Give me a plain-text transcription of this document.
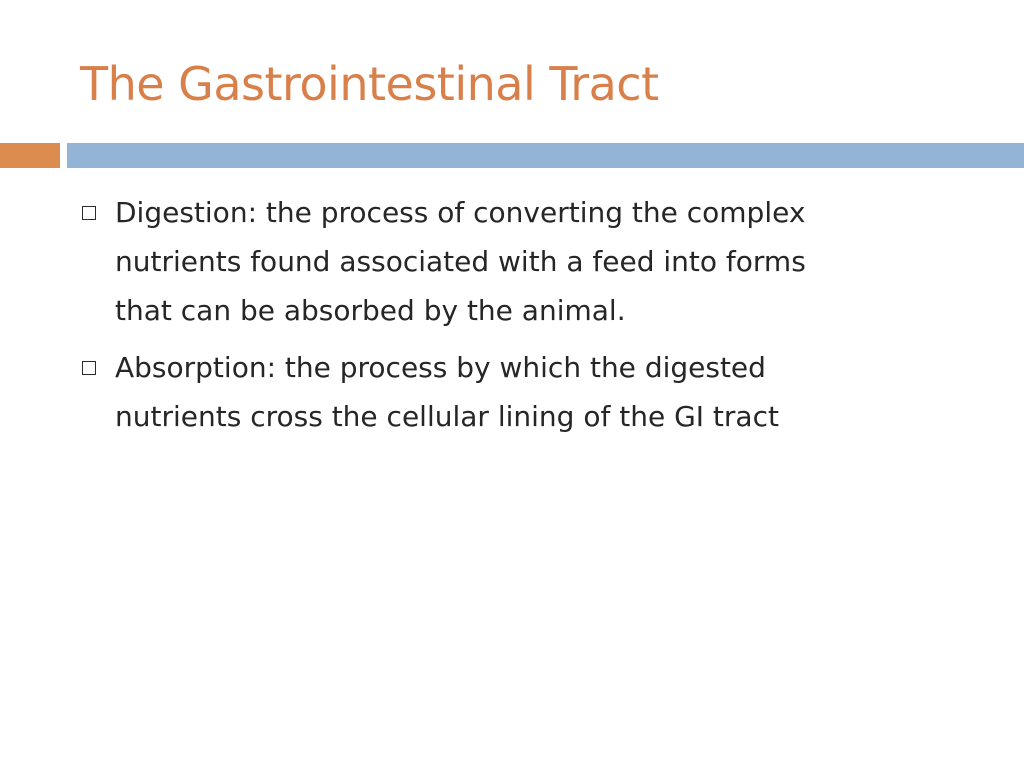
The Gastrointestinal Tract
Digestion: the process of converting the complex
nutrients found associated with a feed into forms
that can be absorbed by the animal.
Absorption: the process by which the digested
nutrients cross the cellular lining of the GI tract
